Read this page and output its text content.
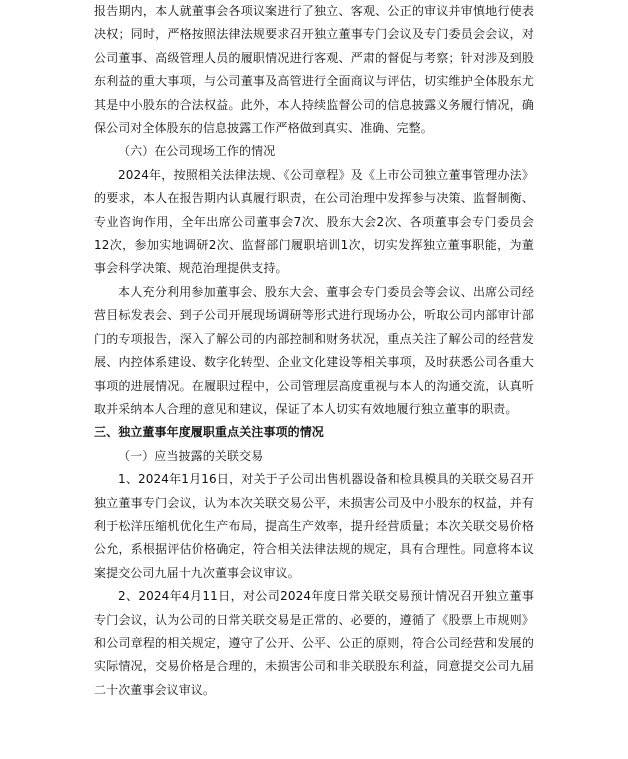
报告期内，本人就董事会各项议案进行了独立、客观、公正的审议并审慎地行使表决权；同时，严格按照法律法规要求召开独立董事专门会议及专门委员会会议，对公司董事、高级管理人员的履职情况进行客观、严肃的督促与考察；针对涉及到股东利益的重大事项，与公司董事及高管进行全面商议与评估，切实维护全体股东尤其是中小股东的合法权益。此外，本人持续监督公司的信息披露义务履行情况，确保公司对全体股东的信息披露工作严格做到真实、准确、完整。

（六）在公司现场工作的情况

2024年，按照相关法律法规、《公司章程》及《上市公司独立董事管理办法》的要求，本人在报告期内认真履行职责，在公司治理中发挥参与决策、监督制衡、专业咨询作用，全年出席公司董事会7次、股东大会2次、各项董事会专门委员会12次，参加实地调研2次、监督部门履职培训1次，切实发挥独立董事职能，为董事会科学决策、规范治理提供支持。

本人充分利用参加董事会、股东大会、董事会专门委员会等会议、出席公司经营目标发表会、到子公司开展现场调研等形式进行现场办公，听取公司内部审计部门的专项报告，深入了解公司的内部控制和财务状况，重点关注了解公司的经营发展、内控体系建设、数字化转型、企业文化建设等相关事项，及时获悉公司各重大事项的进展情况。在履职过程中，公司管理层高度重视与本人的沟通交流，认真听取并采纳本人合理的意见和建议，保证了本人切实有效地履行独立董事的职责。

三、独立董事年度履职重点关注事项的情况

（一）应当披露的关联交易

1、2024年1月16日，对关于子公司出售机器设备和检具模具的关联交易召开独立董事专门会议，认为本次关联交易公平，未损害公司及中小股东的权益，并有利于松洋压缩机优化生产布局，提高生产效率，提升经营质量；本次关联交易价格公允，系根据评估价格确定，符合相关法律法规的规定，具有合理性。同意将本议案提交公司九届十九次董事会议审议。

2、2024年4月11日，对公司2024年度日常关联交易预计情况召开独立董事专门会议，认为公司的日常关联交易是正常的、必要的，遵循了《股票上市规则》和公司章程的相关规定，遵守了公开、公平、公正的原则，符合公司经营和发展的实际情况，交易价格是合理的，未损害公司和非关联股东利益，同意提交公司九届二十次董事会议审议。
